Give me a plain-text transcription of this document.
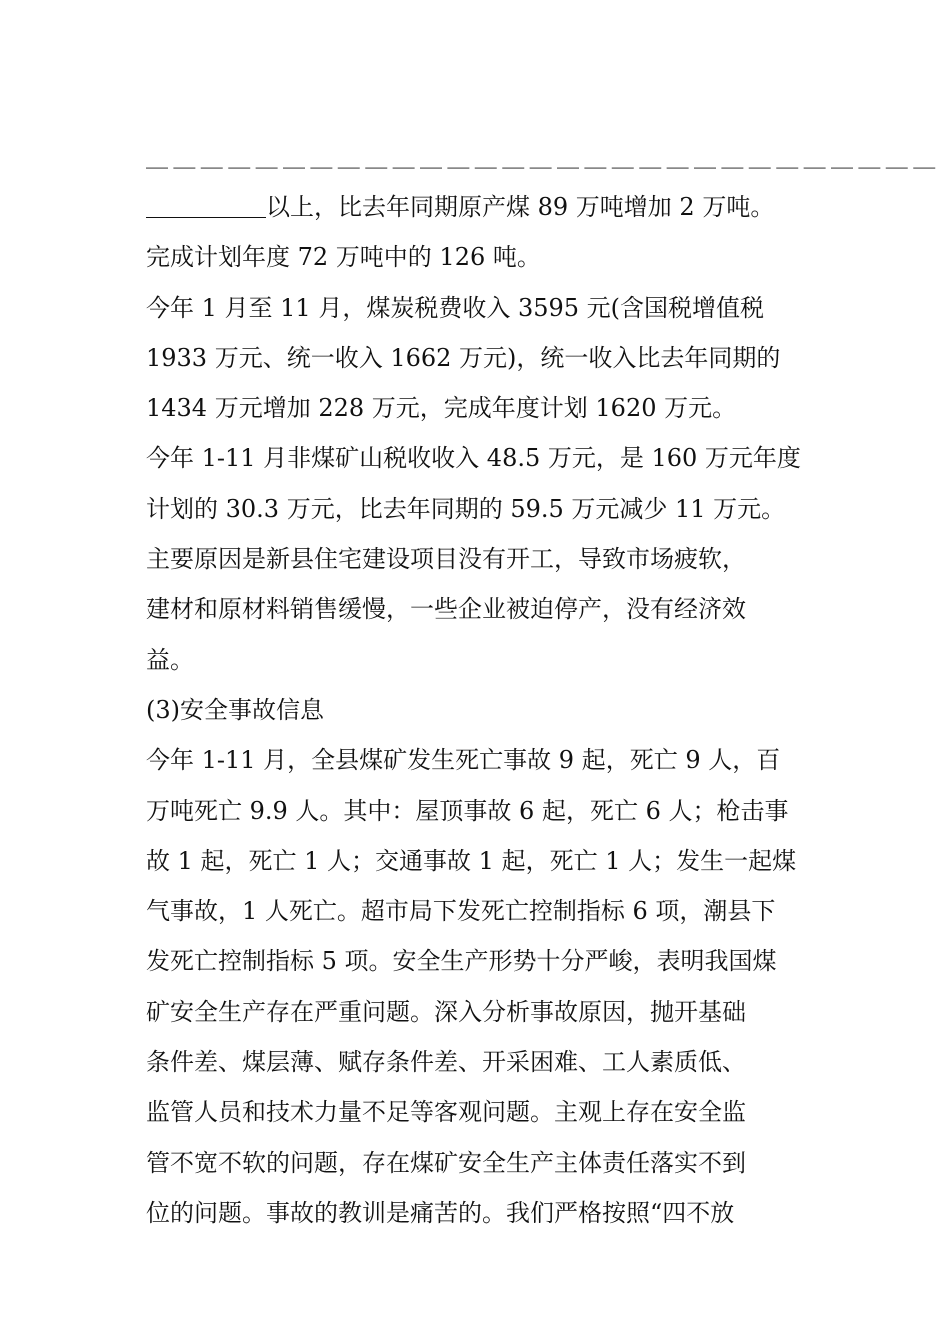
＿＿＿＿＿＿＿＿＿＿＿＿＿＿＿＿＿＿＿＿＿＿＿＿＿＿＿＿＿

＿＿＿＿＿以上，比去年同期原产煤 89 万吨增加 2 万吨。
完成计划年度 72 万吨中的 126 吨。

今年 1 月至 11 月，煤炭税费收入 3595 元(含国税增值税
1933 万元、统一收入 1662 万元)，统一收入比去年同期的
1434 万元增加 228 万元，完成年度计划 1620 万元。

今年 1-11 月非煤矿山税收收入 48.5 万元，是 160 万元年度
计划的 30.3 万元，比去年同期的 59.5 万元减少 11 万元。
主要原因是新县住宅建设项目没有开工，导致市场疲软，
建材和原材料销售缓慢，一些企业被迫停产，没有经济效
益。

(3)安全事故信息

今年 1-11 月，全县煤矿发生死亡事故 9 起，死亡 9 人，百
万吨死亡 9.9 人。其中：屋顶事故 6 起，死亡 6 人；枪击事
故 1 起，死亡 1 人；交通事故 1 起，死亡 1 人；发生一起煤
气事故，1 人死亡。超市局下发死亡控制指标 6 项，潮县下
发死亡控制指标 5 项。安全生产形势十分严峻，表明我国煤
矿安全生产存在严重问题。深入分析事故原因，抛开基础
条件差、煤层薄、赋存条件差、开采困难、工人素质低、
监管人员和技术力量不足等客观问题。主观上存在安全监
管不宽不软的问题，存在煤矿安全生产主体责任落实不到
位的问题。事故的教训是痛苦的。我们严格按照“四不放
